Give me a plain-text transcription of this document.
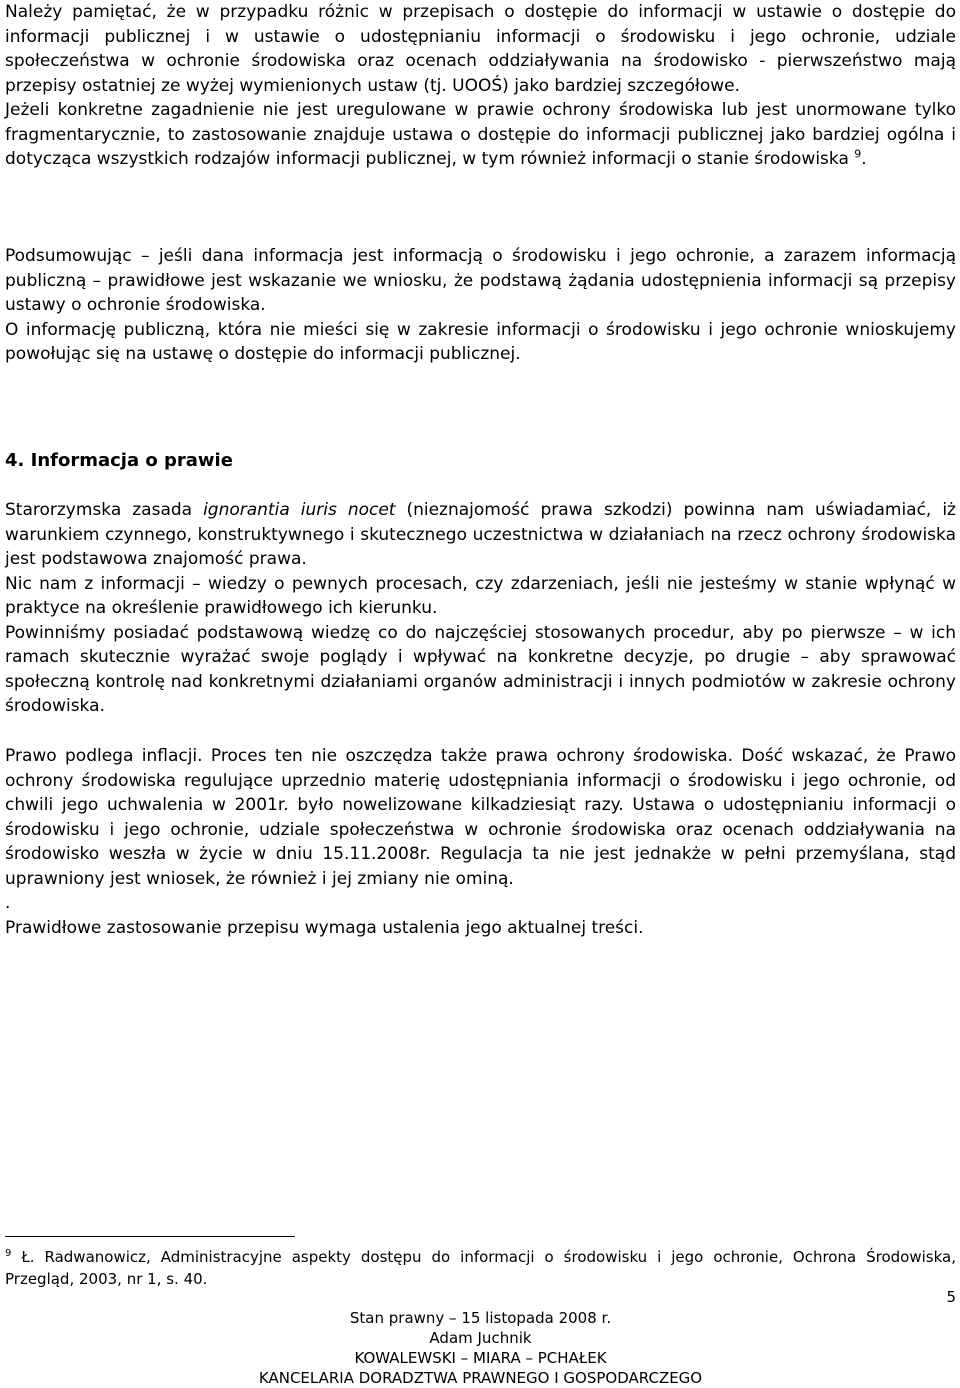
Należy pamiętać, że w przypadku różnic w przepisach o dostępie do informacji w ustawie o dostępie do informacji publicznej i w ustawie o udostępnianiu informacji o środowisku i jego ochronie, udziale społeczeństwa w ochronie środowiska oraz ocenach oddziaływania na środowisko - pierwszeństwo mają przepisy ostatniej ze wyżej wymienionych ustaw (tj. UOOŚ) jako bardziej szczegółowe.

Jeżeli konkretne zagadnienie nie jest uregulowane w prawie ochrony środowiska lub jest unormowane tylko fragmentarycznie, to zastosowanie znajduje ustawa o dostępie do informacji publicznej jako bardziej ogólna i dotycząca wszystkich rodzajów informacji publicznej, w tym również informacji o stanie środowiska $^9$.

Podsumowując – jeśli dana informacja jest informacją o środowisku i jego ochronie, a zarazem informacją publiczną – prawidłowe jest wskazanie we wniosku, że podstawą żądania udostępnienia informacji są przepisy ustawy o ochronie środowiska.

O informację publiczną, która nie mieści się w zakresie informacji o środowisku i jego ochronie wnioskujemy powołując się na ustawę o dostępie do informacji publicznej.

4. Informacja o prawie

Starorzymska zasada ignorantia iuris nocet (nieznajomość prawa szkodzi) powinna nam uświadamiać, iż warunkiem czynnego, konstruktywnego i skutecznego uczestnictwa w działaniach na rzecz ochrony środowiska jest podstawowa znajomość prawa.

Nic nam z informacji – wiedzy o pewnych procesach, czy zdarzeniach, jeśli nie jesteśmy w stanie wpłynąć w praktyce na określenie prawidłowego ich kierunku.

Powinniśmy posiadać podstawową wiedzę co do najczęściej stosowanych procedur, aby po pierwsze – w ich ramach skutecznie wyrażać swoje poglądy i wpływać na konkretne decyzje, po drugie – aby sprawować społeczną kontrolę nad konkretnymi działaniami organów administracji i innych podmiotów w zakresie ochrony środowiska.

Prawo podlega inflacji. Proces ten nie oszczędza także prawa ochrony środowiska. Dość wskazać, że Prawo ochrony środowiska regulujące uprzednio materię udostępniania informacji o środowisku i jego ochronie, od chwili jego uchwalenia w 2001r. było nowelizowane kilkadziesiąt razy. Ustawa o udostępnianiu informacji o środowisku i jego ochronie, udziale społeczeństwa w ochronie środowiska oraz ocenach oddziaływania na środowisko weszła w życie w dniu 15.11.2008r. Regulacja ta nie jest jednakże w pełni przemyślana, stąd uprawniony jest wniosek, że również i jej zmiany nie ominą.

.

Prawidłowe zastosowanie przepisu wymaga ustalenia jego aktualnej treści.

$^9$ Ł. Radwanowicz, Administracyjne aspekty dostępu do informacji o środowisku i jego ochronie, Ochrona Środowiska, Przegląd, 2003, nr 1, s. 40.

5

Stan prawny – 15 listopada 2008 r.
Adam Juchnik
KOWALEWSKI – MIARA – PCHAŁEK
KANCELARIA DORADZTWA PRAWNEGO I GOSPODARCZEGO
